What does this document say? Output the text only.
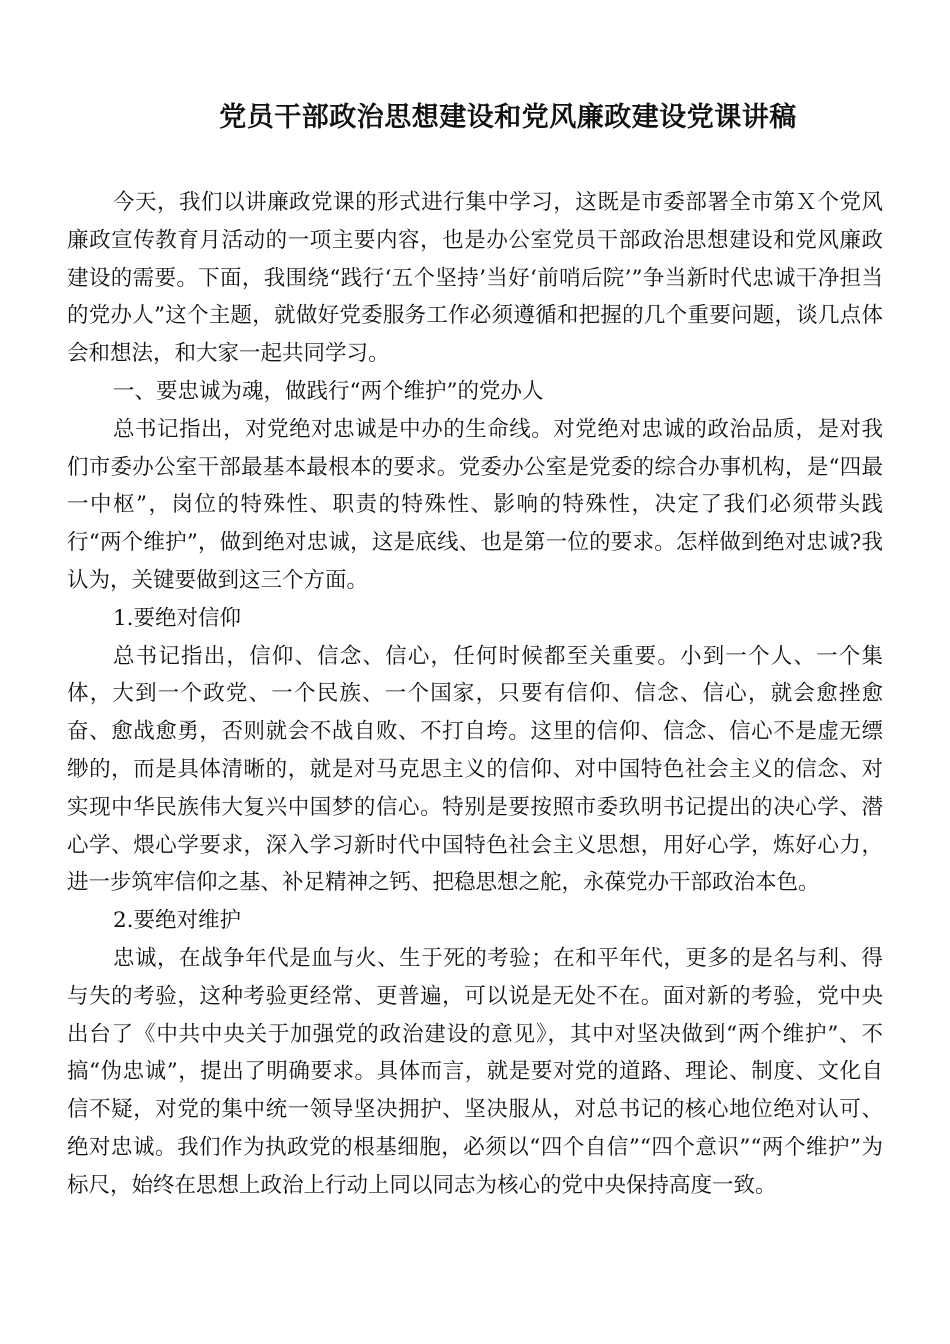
党员干部政治思想建设和党风廉政建设党课讲稿

今天，我们以讲廉政党课的形式进行集中学习，这既是市委部署全市第Ｘ个党风廉政宣传教育月活动的一项主要内容，也是办公室党员干部政治思想建设和党风廉政建设的需要。下面，我围绕“践行‘五个坚持’当好‘前哨后院’”争当新时代忠诚干净担当的党办人”这个主题，就做好党委服务工作必须遵循和把握的几个重要问题，谈几点体会和想法，和大家一起共同学习。

一、要忠诚为魂，做践行“两个维护”的党办人

总书记指出，对党绝对忠诚是中办的生命线。对党绝对忠诚的政治品质，是对我们市委办公室干部最基本最根本的要求。党委办公室是党委的综合办事机构，是“四最一中枢”，岗位的特殊性、职责的特殊性、影响的特殊性，决定了我们必须带头践行“两个维护”，做到绝对忠诚，这是底线、也是第一位的要求。怎样做到绝对忠诚?我认为，关键要做到这三个方面。

1.要绝对信仰

总书记指出，信仰、信念、信心，任何时候都至关重要。小到一个人、一个集体，大到一个政党、一个民族、一个国家，只要有信仰、信念、信心，就会愈挫愈奋、愈战愈勇，否则就会不战自败、不打自垮。这里的信仰、信念、信心不是虚无缥缈的，而是具体清晰的，就是对马克思主义的信仰、对中国特色社会主义的信念、对实现中华民族伟大复兴中国梦的信心。特别是要按照市委玖明书记提出的决心学、潜心学、煨心学要求，深入学习新时代中国特色社会主义思想，用好心学，炼好心力，进一步筑牢信仰之基、补足精神之钙、把稳思想之舵，永葆党办干部政治本色。

2.要绝对维护

忠诚，在战争年代是血与火、生于死的考验；在和平年代，更多的是名与利、得与失的考验，这种考验更经常、更普遍，可以说是无处不在。面对新的考验，党中央出台了《中共中央关于加强党的政治建设的意见》，其中对坚决做到“两个维护”、不搞“伪忠诚”，提出了明确要求。具体而言，就是要对党的道路、理论、制度、文化自信不疑，对党的集中统一领导坚决拥护、坚决服从，对总书记的核心地位绝对认可、绝对忠诚。我们作为执政党的根基细胞，必须以“四个自信”“四个意识”“两个维护”为标尺，始终在思想上政治上行动上同以同志为核心的党中央保持高度一致。
